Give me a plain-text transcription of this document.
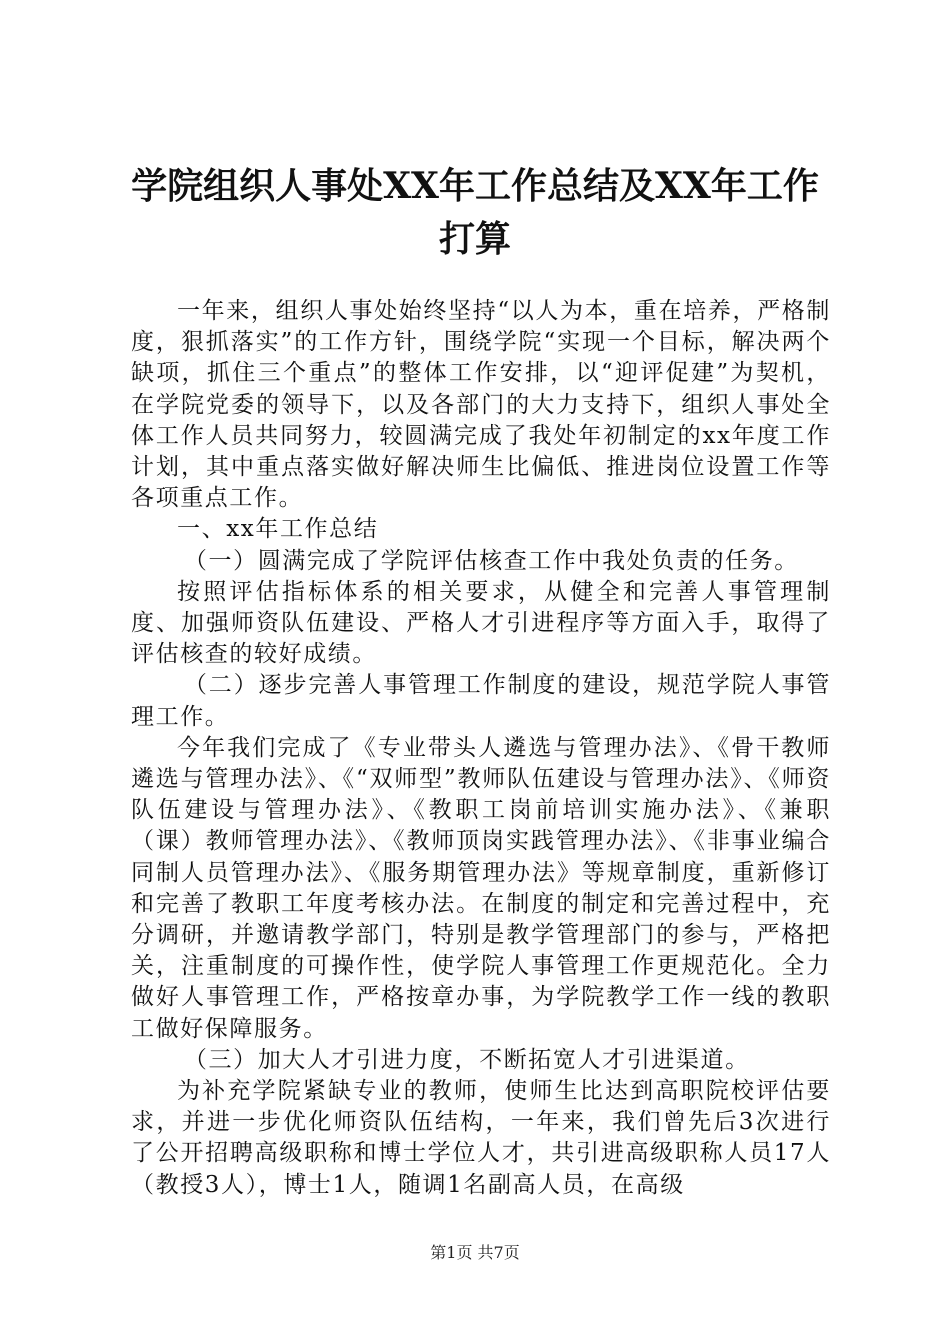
学院组织人事处XX年工作总结及XX年工作打算

一年来，组织人事处始终坚持“以人为本，重在培养，严格制度，狠抓落实”的工作方针，围绕学院“实现一个目标，解决两个缺项，抓住三个重点”的整体工作安排，以“迎评促建”为契机，在学院党委的领导下，以及各部门的大力支持下，组织人事处全体工作人员共同努力，较圆满完成了我处年初制定的xx年度工作计划，其中重点落实做好解决师生比偏低、推进岗位设置工作等各项重点工作。

一、xx年工作总结

（一）圆满完成了学院评估核查工作中我处负责的任务。

按照评估指标体系的相关要求，从健全和完善人事管理制度、加强师资队伍建设、严格人才引进程序等方面入手，取得了评估核查的较好成绩。

（二）逐步完善人事管理工作制度的建设，规范学院人事管理工作。

今年我们完成了《专业带头人遴选与管理办法》、《骨干教师遴选与管理办法》、《“双师型”教师队伍建设与管理办法》、《师资队伍建设与管理办法》、《教职工岗前培训实施办法》、《兼职（课）教师管理办法》、《教师顶岗实践管理办法》、《非事业编合同制人员管理办法》、《服务期管理办法》等规章制度，重新修订和完善了教职工年度考核办法。在制度的制定和完善过程中，充分调研，并邀请教学部门，特别是教学管理部门的参与，严格把关，注重制度的可操作性，使学院人事管理工作更规范化。全力做好人事管理工作，严格按章办事，为学院教学工作一线的教职工做好保障服务。

（三）加大人才引进力度，不断拓宽人才引进渠道。

为补充学院紧缺专业的教师，使师生比达到高职院校评估要求，并进一步优化师资队伍结构，一年来，我们曾先后3次进行了公开招聘高级职称和博士学位人才，共引进高级职称人员17人（教授3人），博士1人，随调1名副高人员，在高级

第1页 共7页
